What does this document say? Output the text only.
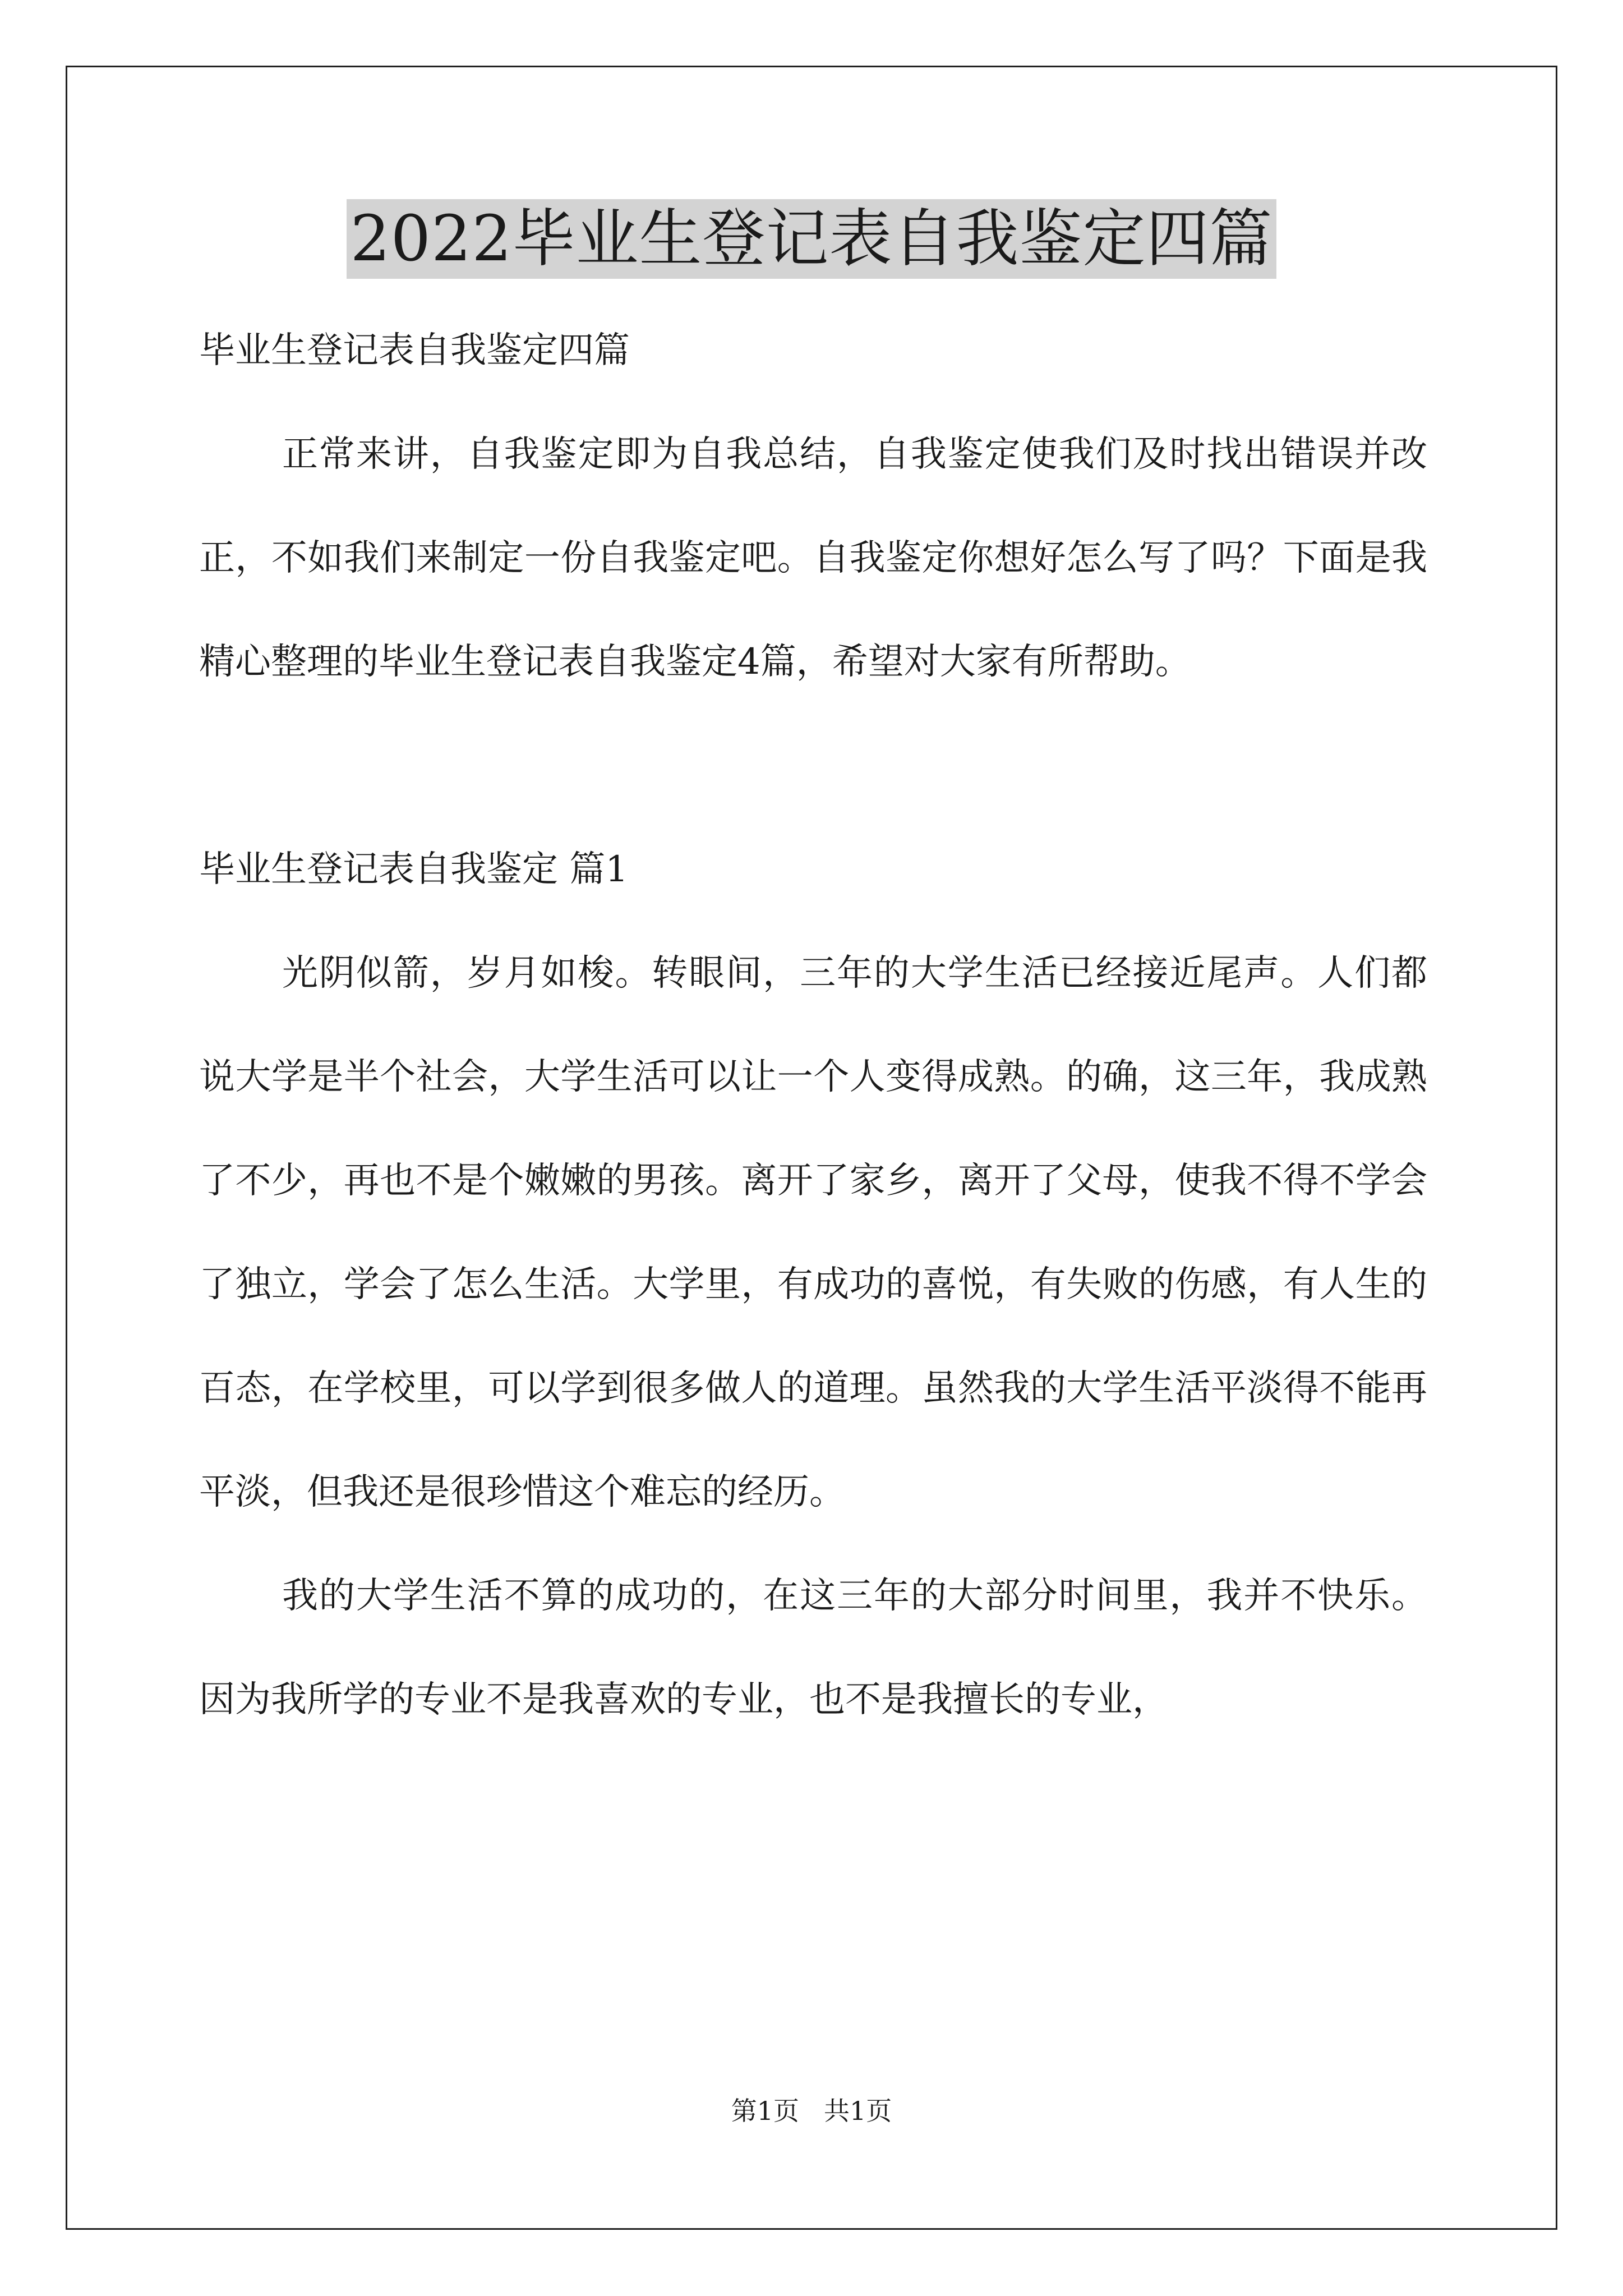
2022毕业生登记表自我鉴定四篇

毕业生登记表自我鉴定四篇

正常来讲，自我鉴定即为自我总结，自我鉴定使我们及时找出错误并改正，不如我们来制定一份自我鉴定吧。自我鉴定你想好怎么写了吗？下面是我精心整理的毕业生登记表自我鉴定4篇，希望对大家有所帮助。

毕业生登记表自我鉴定 篇1

光阴似箭，岁月如梭。转眼间，三年的大学生活已经接近尾声。人们都说大学是半个社会，大学生活可以让一个人变得成熟。的确，这三年，我成熟了不少，再也不是个嫩嫩的男孩。离开了家乡，离开了父母，使我不得不学会了独立，学会了怎么生活。大学里，有成功的喜悦，有失败的伤感，有人生的百态，在学校里，可以学到很多做人的道理。虽然我的大学生活平淡得不能再平淡，但我还是很珍惜这个难忘的经历。

我的大学生活不算的成功的，在这三年的大部分时间里，我并不快乐。因为我所学的专业不是我喜欢的专业，也不是我擅长的专业，

第1页 共1页
